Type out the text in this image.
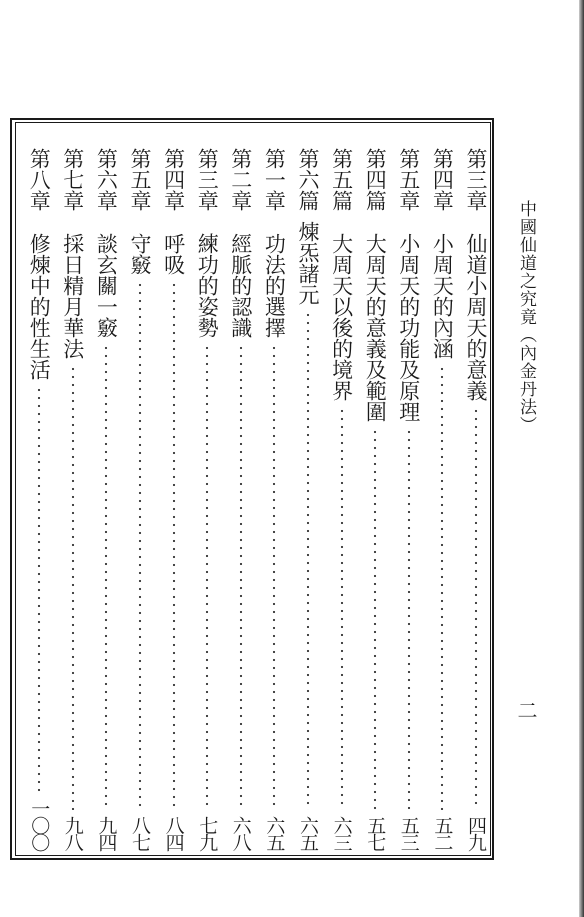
中國仙道之究竟（內金丹法）
二
第三章
仙道小周天的意義
四九
第四章
小周天的內涵
五二
第五章
小周天的功能及原理
五三
第四篇
大周天的意義及範圍
五七
第五篇
大周天以後的境界
六三
第六篇
煉炁諸元
六五
第一章
功法的選擇
六五
第二章
經脈的認識
六八
第三章
練功的姿勢
七九
第四章
呼吸
八四
第五章
守竅
八七
第六章
談玄關一竅
九四
第七章
採日精月華法
九八
第八章
修煉中的性生活
一〇〇
